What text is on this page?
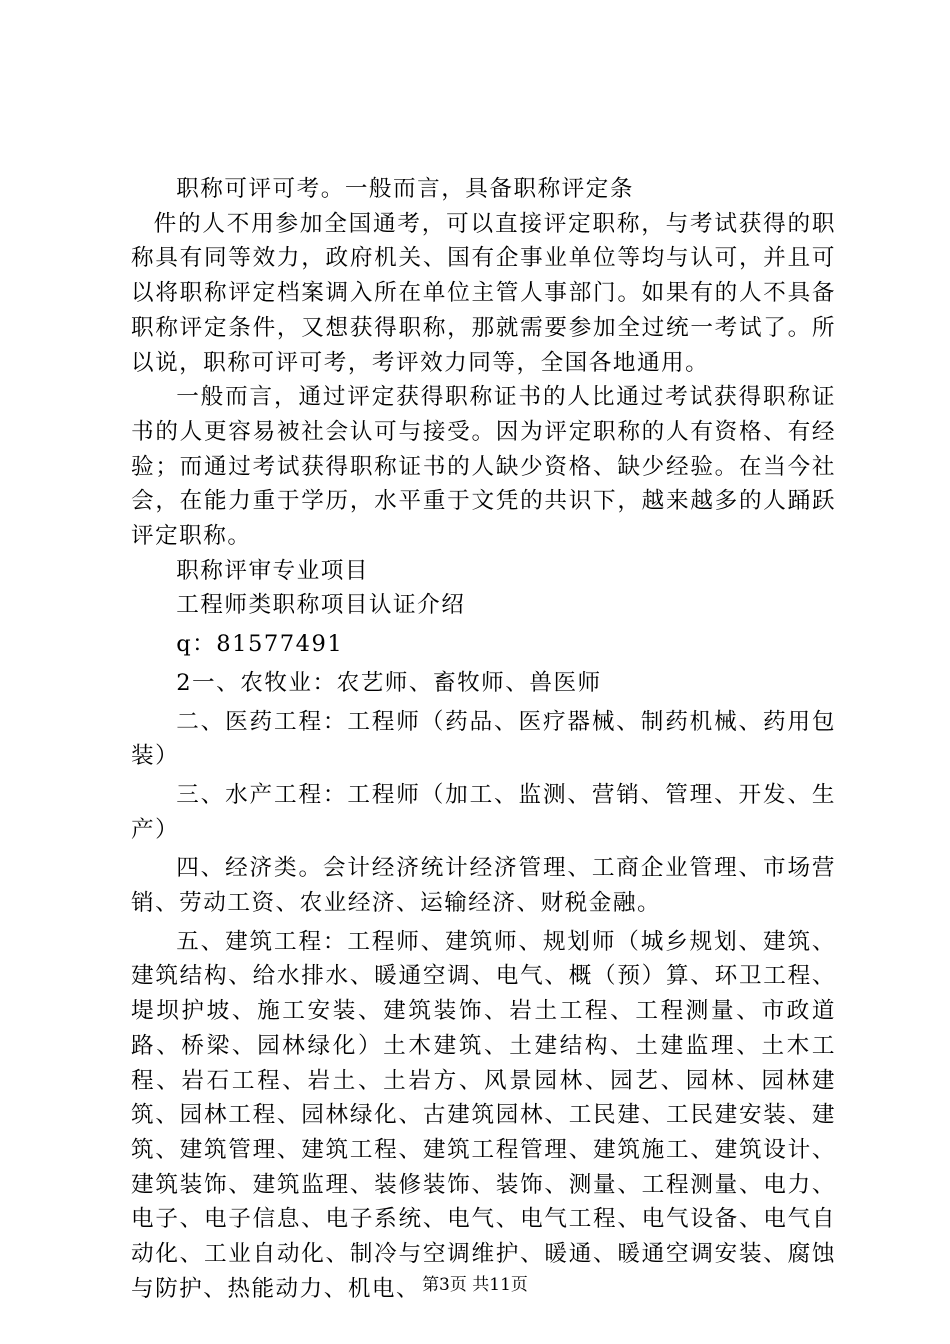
职称可评可考。一般而言，具备职称评定条

件的人不用参加全国通考，可以直接评定职称，与考试获得的职称具有同等效力，政府机关、国有企事业单位等均与认可，并且可以将职称评定档案调入所在单位主管人事部门。如果有的人不具备职称评定条件，又想获得职称，那就需要参加全过统一考试了。所以说，职称可评可考，考评效力同等，全国各地通用。

一般而言，通过评定获得职称证书的人比通过考试获得职称证书的人更容易被社会认可与接受。因为评定职称的人有资格、有经验；而通过考试获得职称证书的人缺少资格、缺少经验。在当今社会，在能力重于学历，水平重于文凭的共识下，越来越多的人踊跃评定职称。

职称评审专业项目

工程师类职称项目认证介绍

q：81577491

2一、农牧业：农艺师、畜牧师、兽医师

二、医药工程：工程师（药品、医疗器械、制药机械、药用包装）

三、水产工程：工程师（加工、监测、营销、管理、开发、生产）

四、经济类。会计经济统计经济管理、工商企业管理、市场营销、劳动工资、农业经济、运输经济、财税金融。

五、建筑工程：工程师、建筑师、规划师（城乡规划、建筑、建筑结构、给水排水、暖通空调、电气、概（预）算、环卫工程、堤坝护坡、施工安装、建筑装饰、岩土工程、工程测量、市政道路、桥梁、园林绿化）土木建筑、土建结构、土建监理、土木工程、岩石工程、岩土、土岩方、风景园林、园艺、园林、园林建筑、园林工程、园林绿化、古建筑园林、工民建、工民建安装、建筑、建筑管理、建筑工程、建筑工程管理、建筑施工、建筑设计、建筑装饰、建筑监理、装修装饰、装饰、测量、工程测量、电力、电子、电子信息、电子系统、电气、电气工程、电气设备、电气自动化、工业自动化、制冷与空调维护、暖通、暖通空调安装、腐蚀与防护、热能动力、机电、 第3页 共11页
